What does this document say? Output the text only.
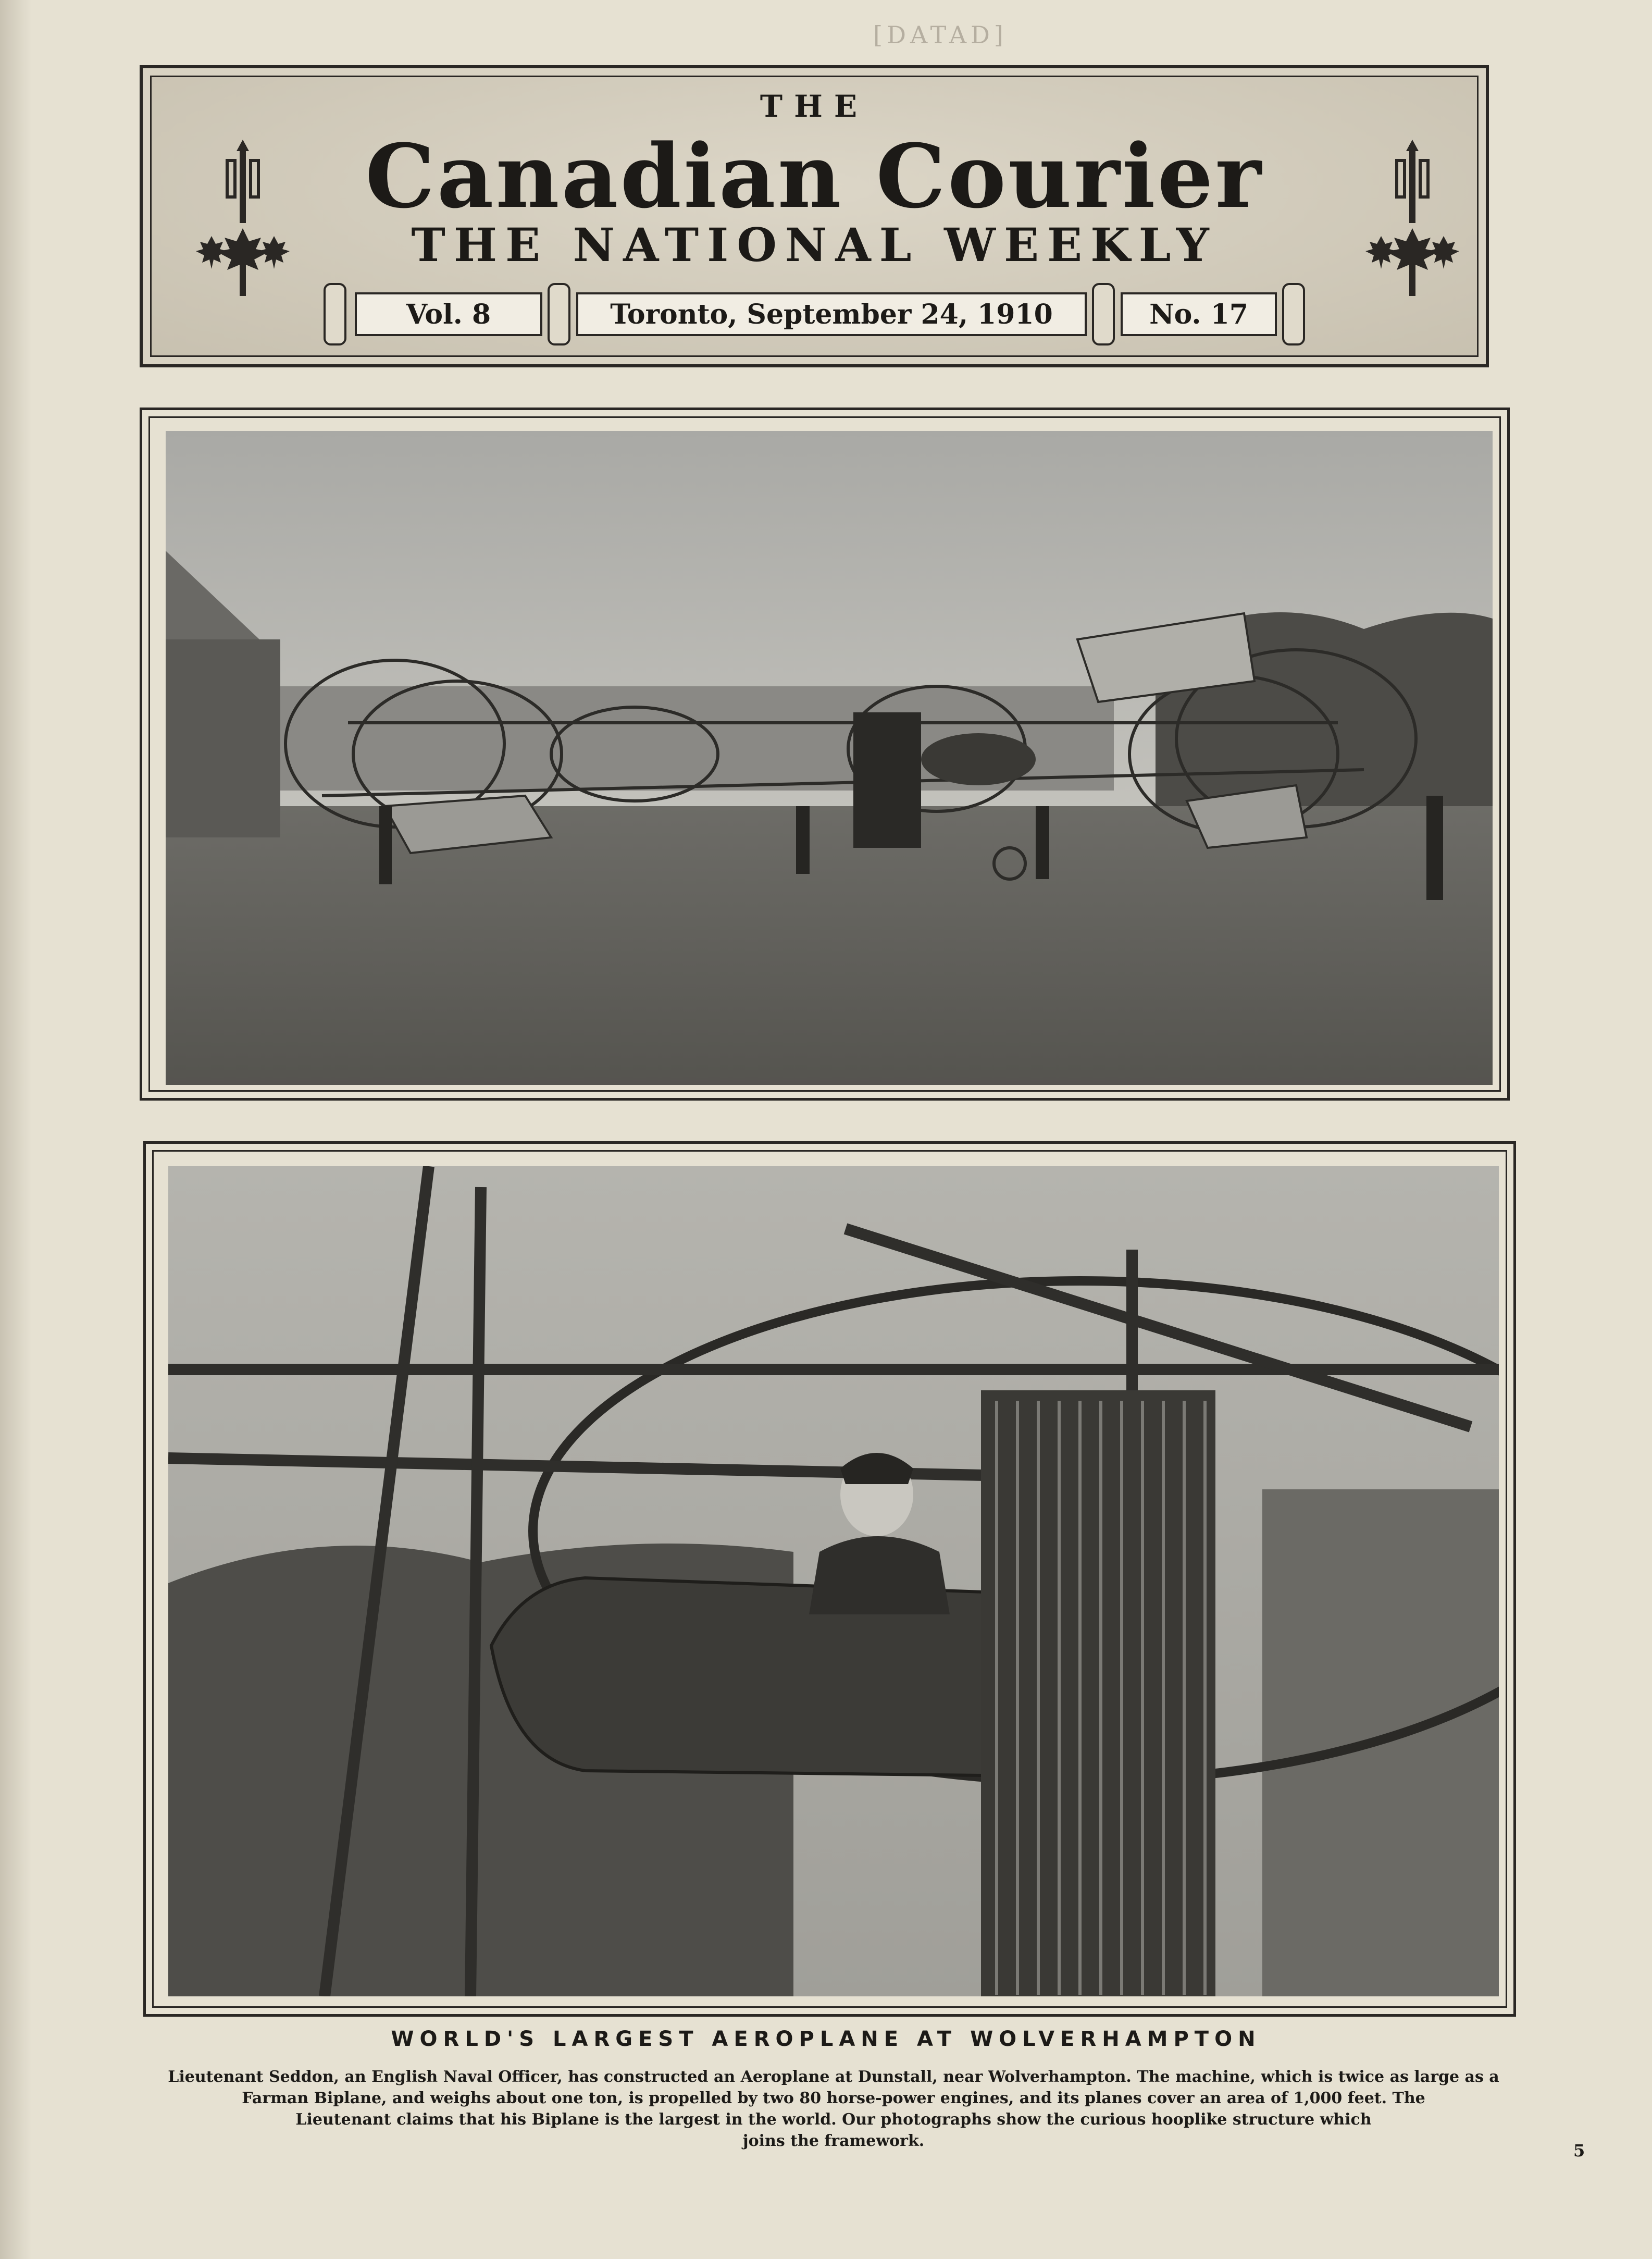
[DATAD]
THE
Canadian Courier
THE NATIONAL WEEKLY
Vol. 8	Toronto, September 24, 1910	No. 17
WORLD'S LARGEST AEROPLANE AT WOLVERHAMPTON
Lieutenant Seddon, an English Naval Officer, has constructed an Aeroplane at Dunstall, near Wolverhampton. The machine, which is twice as large as a
Farman Biplane, and weighs about one ton, is propelled by two 80 horse-power engines, and its planes cover an area of 1,000 feet. The
Lieutenant claims that his Biplane is the largest in the world. Our photographs show the curious hooplike structure which
joins the framework.	5
